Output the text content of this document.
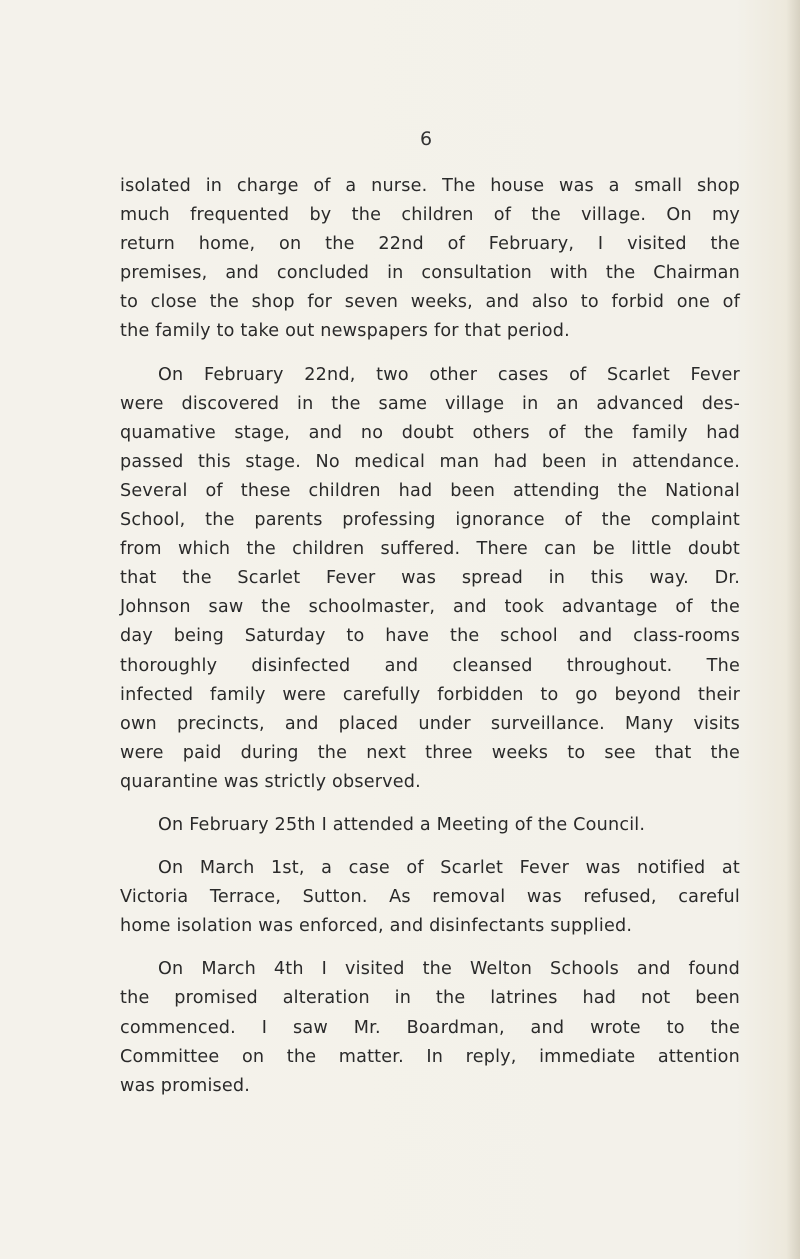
6
isolated in charge of a nurse. The house was a small shop
much frequented by the children of the village. On my
return home, on the 22nd of February, I visited the
premises, and concluded in consultation with the Chairman
to close the shop for seven weeks, and also to forbid one of
the family to take out newspapers for that period.
On February 22nd, two other cases of Scarlet Fever
were discovered in the same village in an advanced des-
quamative stage, and no doubt others of the family had
passed this stage. No medical man had been in attendance.
Several of these children had been attending the National
School, the parents professing ignorance of the complaint
from which the children suffered. There can be little doubt
that the Scarlet Fever was spread in this way. Dr.
Johnson saw the schoolmaster, and took advantage of the
day being Saturday to have the school and class-rooms
thoroughly disinfected and cleansed throughout. The
infected family were carefully forbidden to go beyond their
own precincts, and placed under surveillance. Many visits
were paid during the next three weeks to see that the
quarantine was strictly observed.
On February 25th I attended a Meeting of the Council.
On March 1st, a case of Scarlet Fever was notified at
Victoria Terrace, Sutton. As removal was refused, careful
home isolation was enforced, and disinfectants supplied.
On March 4th I visited the Welton Schools and found
the promised alteration in the latrines had not been
commenced. I saw Mr. Boardman, and wrote to the
Committee on the matter. In reply, immediate attention
was promised.
